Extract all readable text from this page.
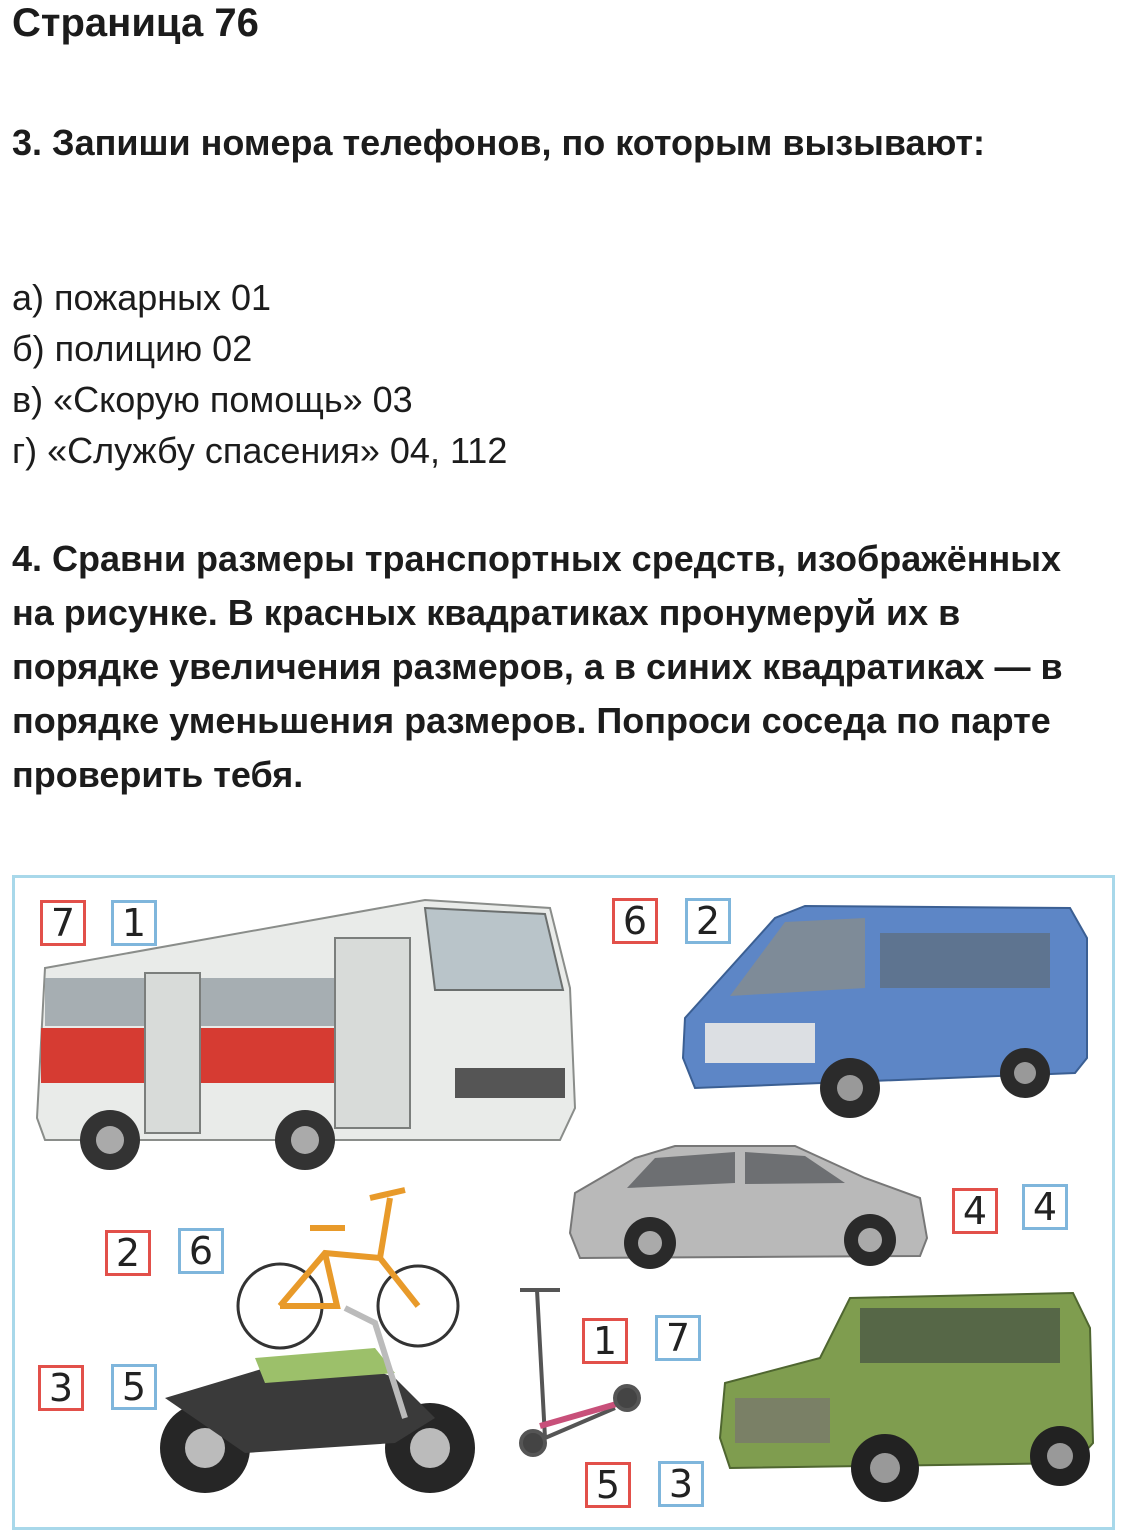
Страница 76
3. Запиши номера телефонов, по которым вызывают:
а) пожарных 01
б) полицию 02
в) «Скорую помощь» 03
г) «Службу спасения» 04, 112
4. Сравни размеры транспортных средств, изображённых на рисунке. В красных квадратиках пронумеруй их в порядке увеличения размеров, а в синих квадратиках — в порядке уменьшения размеров. Попроси соседа по парте проверить тебя.
7 1	6 2
4 4
2 6
1 7
3 5
5 3
